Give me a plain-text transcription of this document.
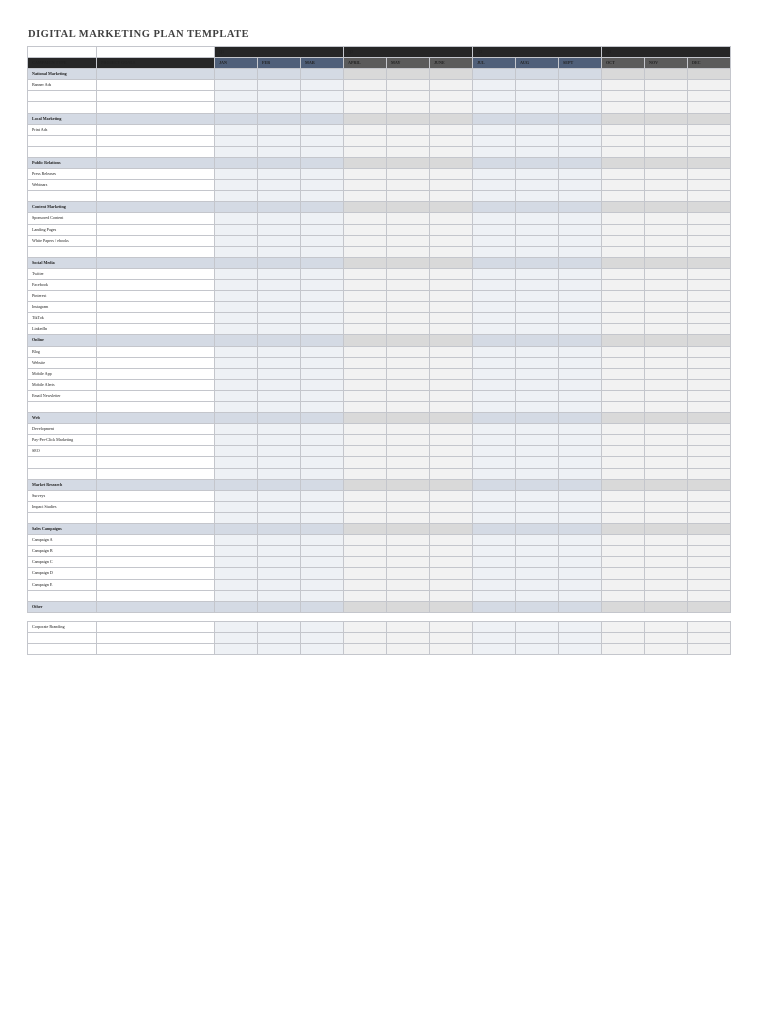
DIGITAL MARKETING PLAN TEMPLATE
		Q1			Q2			Q3			Q4		
CAMPAIGN TYPE	PROJECT GOALS	JAN	FEB	MAR	APRIL	MAY	JUNE	JUL	AUG	SEPT	OCT	NOV	DEC
National Marketing													
Banner Ads													

Local Marketing													
Print Ads													

Public Relations													
Press Releases													
Webinars													

Content Marketing													
Sponsored Content													
Landing Pages													
White Papers / ebooks													

Social Media													
Twitter													
Facebook													
Pinterest													
Instagram													
TikTok													
LinkedIn													
Online													
Blog													
Website													
Mobile App													
Mobile Alerts													
Email Newsletter													

Web													
Development													
Pay-Per-Click Marketing													
SEO													

Market Research													
Surveys													
Impact Studies													

Sales Campaigns													
Campaign A													
Campaign B													
Campaign C													
Campaign D													
Campaign E													

Other													
Corporate Branding													
